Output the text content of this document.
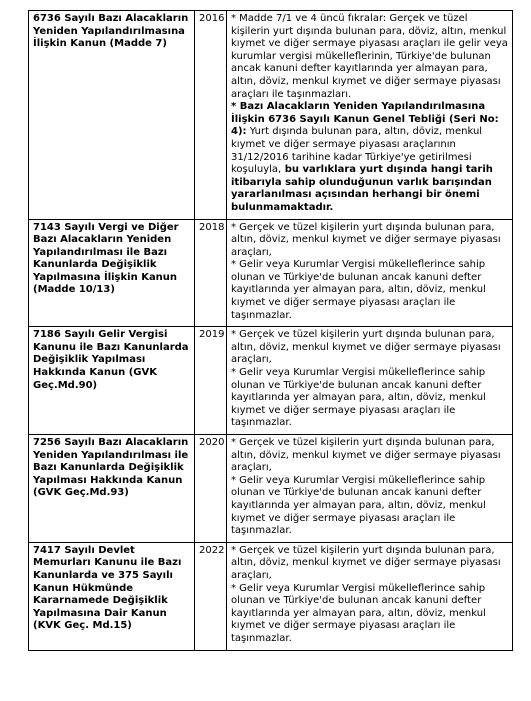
6736 Sayılı Bazı Alacakların Yeniden Yapılandırılmasına İlişkin Kanun (Madde 7)	2016	* Madde 7/1 ve 4 üncü fıkralar: Gerçek ve tüzel kişilerin yurt dışında bulunan para, döviz, altın, menkul kıymet ve diğer sermaye piyasası araçları ile gelir veya kurumlar vergisi mükelleflerinin, Türkiye'de bulunan ancak kanuni defter kayıtlarında yer almayan para, altın, döviz, menkul kıymet ve diğer sermaye piyasası araçları ile taşınmazları.

* Bazı Alacakların Yeniden Yapılandırılmasına İlişkin 6736 Sayılı Kanun Genel Tebliği (Seri No: 4): Yurt dışında bulunan para, altın, döviz, menkul kıymet ve diğer sermaye piyasası araçlarının 31/12/2016 tarihine kadar Türkiye'ye getirilmesi koşuluyla, bu varlıklara yurt dışında hangi tarih itibarıyla sahip olunduğunun varlık barışından yararlanılması açısından herhangi bir önemi bulunmamaktadır.

7143 Sayılı Vergi ve Diğer Bazı Alacakların Yeniden Yapılandırılması ile Bazı Kanunlarda Değişiklik Yapılmasına İlişkin Kanun (Madde 10/13)	2018	* Gerçek ve tüzel kişilerin yurt dışında bulunan para, altın, döviz, menkul kıymet ve diğer sermaye piyasası araçları,

* Gelir veya Kurumlar Vergisi mükelleflerince sahip olunan ve Türkiye'de bulunan ancak kanuni defter kayıtlarında yer almayan para, altın, döviz, menkul kıymet ve diğer sermaye piyasası araçları ile taşınmazlar.

7186 Sayılı Gelir Vergisi Kanunu ile Bazı Kanunlarda Değişiklik Yapılması Hakkında Kanun (GVK Geç.Md.90)	2019	* Gerçek ve tüzel kişilerin yurt dışında bulunan para, altın, döviz, menkul kıymet ve diğer sermaye piyasası araçları,

* Gelir veya Kurumlar Vergisi mükelleflerince sahip olunan ve Türkiye'de bulunan ancak kanuni defter kayıtlarında yer almayan para, altın, döviz, menkul kıymet ve diğer sermaye piyasası araçları ile taşınmazlar.

7256 Sayılı Bazı Alacakların Yeniden Yapılandırılması ile Bazı Kanunlarda Değişiklik Yapılması Hakkında Kanun (GVK Geç.Md.93)	2020	* Gerçek ve tüzel kişilerin yurt dışında bulunan para, altın, döviz, menkul kıymet ve diğer sermaye piyasası araçları,

* Gelir veya Kurumlar Vergisi mükelleflerince sahip olunan ve Türkiye'de bulunan ancak kanuni defter kayıtlarında yer almayan para, altın, döviz, menkul kıymet ve diğer sermaye piyasası araçları ile taşınmazlar.

7417 Sayılı Devlet Memurları Kanunu ile Bazı Kanunlarda ve 375 Sayılı Kanun Hükmünde Kararnamede Değişiklik Yapılmasına Dair Kanun (KVK Geç. Md.15)	2022	* Gerçek ve tüzel kişilerin yurt dışında bulunan para, altın, döviz, menkul kıymet ve diğer sermaye piyasası araçları,

* Gelir veya Kurumlar Vergisi mükelleflerince sahip olunan ve Türkiye'de bulunan ancak kanuni defter kayıtlarında yer almayan para, altın, döviz, menkul kıymet ve diğer sermaye piyasası araçları ile taşınmazlar.
